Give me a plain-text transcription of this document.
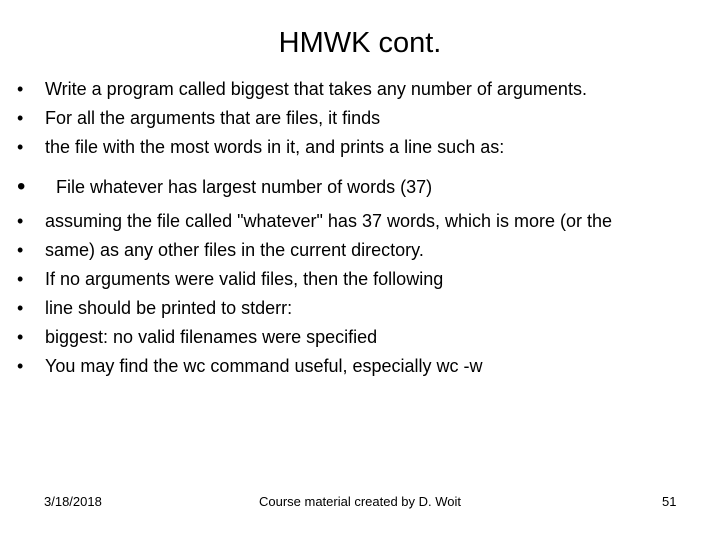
HMWK cont.
• Write a program called biggest that takes any number of arguments.
• For all the arguments that are files, it finds
• the file with the most words in it, and prints a line such as:
• File whatever has largest number of words (37)
• assuming the file called "whatever" has 37 words, which is more (or the
• same) as any other files in the current directory.
• If no arguments were valid files, then the following
• line should be printed to stderr:
• biggest: no valid filenames were specified
• You may find the wc command useful, especially wc -w
3/18/2018	Course material created by D. Woit	51
